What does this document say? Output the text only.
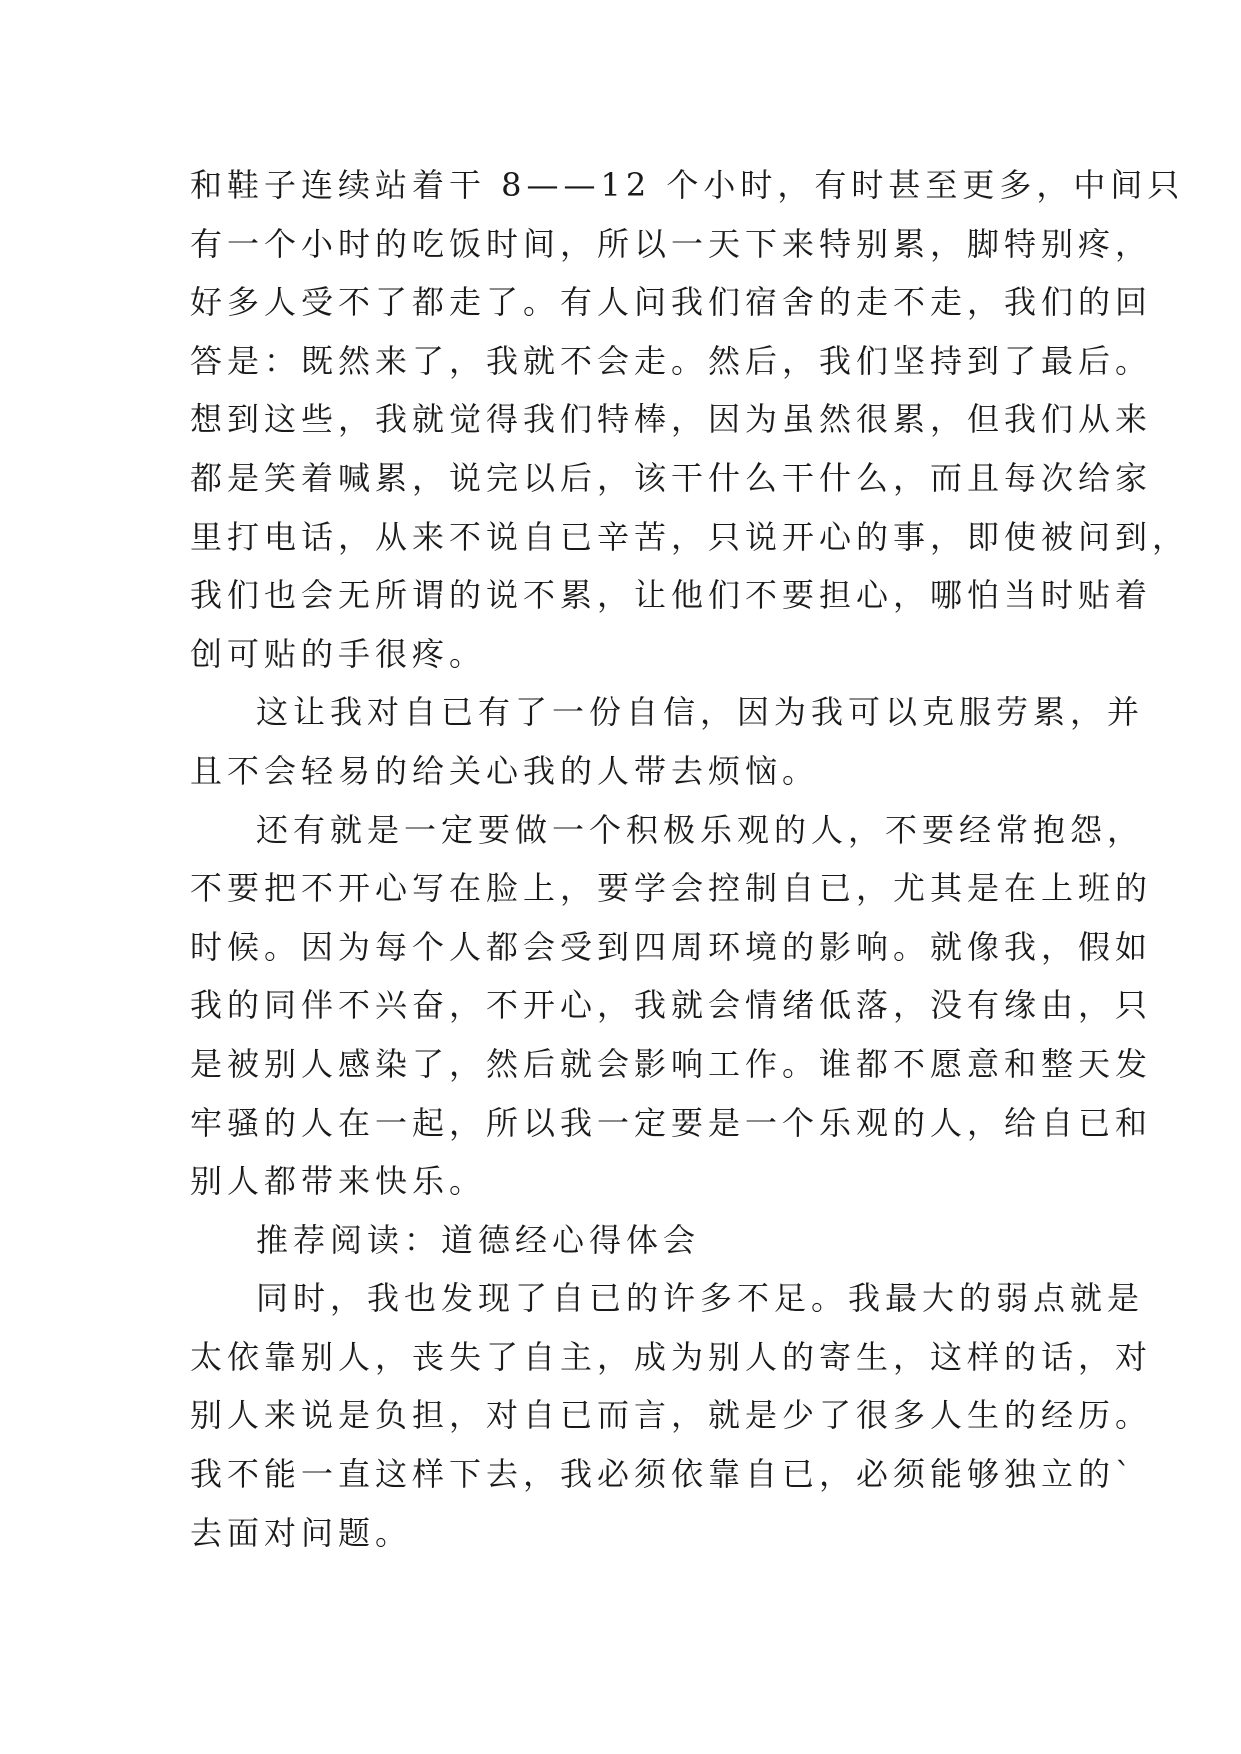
和鞋子连续站着干 8——12 个小时，有时甚至更多，中间只
有一个小时的吃饭时间，所以一天下来特别累，脚特别疼，
好多人受不了都走了。有人问我们宿舍的走不走，我们的回
答是：既然来了，我就不会走。然后，我们坚持到了最后。
想到这些，我就觉得我们特棒，因为虽然很累，但我们从来
都是笑着喊累，说完以后，该干什么干什么，而且每次给家
里打电话，从来不说自已辛苦，只说开心的事，即使被问到，
我们也会无所谓的说不累，让他们不要担心，哪怕当时贴着
创可贴的手很疼。
这让我对自已有了一份自信，因为我可以克服劳累，并
且不会轻易的给关心我的人带去烦恼。
还有就是一定要做一个积极乐观的人，不要经常抱怨，
不要把不开心写在脸上，要学会控制自已，尤其是在上班的
时候。因为每个人都会受到四周环境的影响。就像我，假如
我的同伴不兴奋，不开心，我就会情绪低落，没有缘由，只
是被别人感染了，然后就会影响工作。谁都不愿意和整天发
牢骚的人在一起，所以我一定要是一个乐观的人，给自已和
别人都带来快乐。
推荐阅读：道德经心得体会
同时，我也发现了自已的许多不足。我最大的弱点就是
太依靠别人，丧失了自主，成为别人的寄生，这样的话，对
别人来说是负担，对自已而言，就是少了很多人生的经历。
我不能一直这样下去，我必须依靠自已，必须能够独立的`
去面对问题。
